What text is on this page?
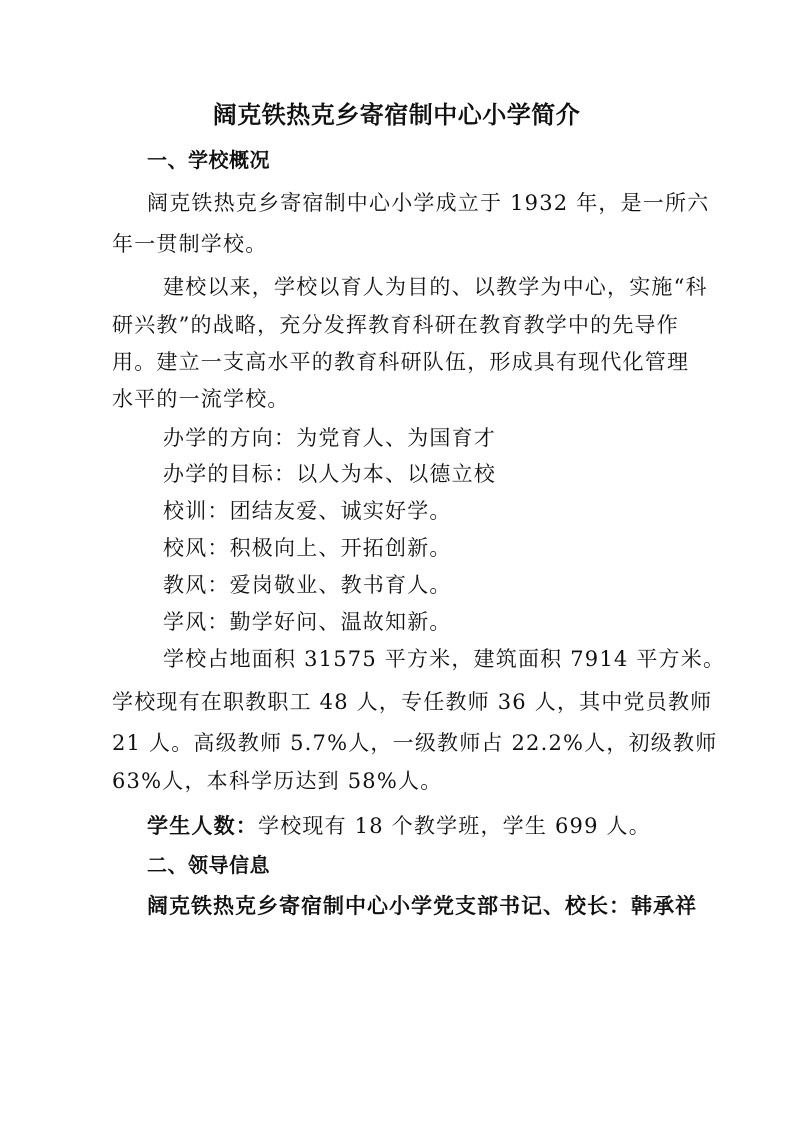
阔克铁热克乡寄宿制中心小学简介
一、学校概况
阔克铁热克乡寄宿制中心小学成立于 1932 年，是一所六
年一贯制学校。
建校以来，学校以育人为目的、以教学为中心，实施“科
研兴教”的战略，充分发挥教育科研在教育教学中的先导作
用。建立一支高水平的教育科研队伍，形成具有现代化管理
水平的一流学校。
办学的方向：为党育人、为国育才
办学的目标：以人为本、以德立校
校训：团结友爱、诚实好学。
校风：积极向上、开拓创新。
教风：爱岗敬业、教书育人。
学风：勤学好问、温故知新。
学校占地面积 31575 平方米，建筑面积 7914 平方米。
学校现有在职教职工 48 人，专任教师 36 人，其中党员教师
21 人。高级教师 5.7%人，一级教师占 22.2%人，初级教师
63%人，本科学历达到 58%人。
学生人数：学校现有 18 个教学班，学生 699 人。
二、领导信息
阔克铁热克乡寄宿制中心小学党支部书记、校长：韩承祥
